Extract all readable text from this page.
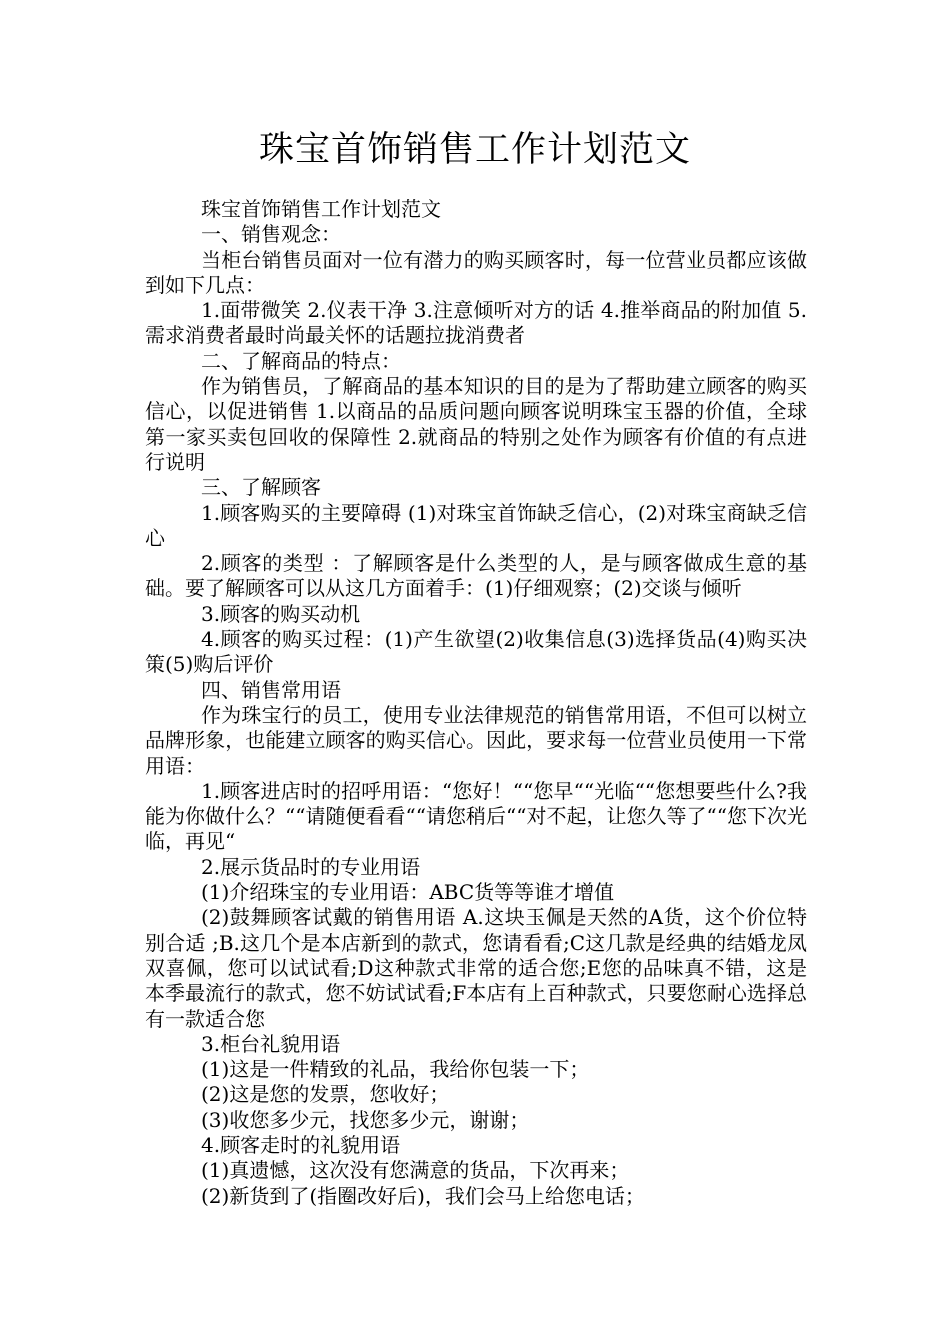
珠宝首饰销售工作计划范文

珠宝首饰销售工作计划范文

一、销售观念：

当柜台销售员面对一位有潜力的购买顾客时，每一位营业员都应该做到如下几点：

1.面带微笑 2.仪表干净 3.注意倾听对方的话 4.推举商品的附加值 5.需求消费者最时尚最关怀的话题拉拢消费者

二、了解商品的特点：

作为销售员，了解商品的基本知识的目的是为了帮助建立顾客的购买信心，以促进销售 1.以商品的品质问题向顾客说明珠宝玉器的价值，全球第一家买卖包回收的保障性 2.就商品的特别之处作为顾客有价值的有点进行说明

三、了解顾客

1.顾客购买的主要障碍 (1)对珠宝首饰缺乏信心，(2)对珠宝商缺乏信心

2.顾客的类型 ：了解顾客是什么类型的人，是与顾客做成生意的基础。要了解顾客可以从这几方面着手：(1)仔细观察；(2)交谈与倾听

3.顾客的购买动机

4.顾客的购买过程：(1)产生欲望(2)收集信息(3)选择货品(4)购买决策(5)购后评价

四、销售常用语

作为珠宝行的员工，使用专业法律规范的销售常用语，不但可以树立品牌形象，也能建立顾客的购买信心。因此，要求每一位营业员使用一下常用语：

1.顾客进店时的招呼用语：“您好！““您早““光临““您想要些什么?我能为你做什么？““请随便看看““请您稍后““对不起，让您久等了““您下次光临，再见“

2.展示货品时的专业用语

(1)介绍珠宝的专业用语：ABC货等等谁才增值

(2)鼓舞顾客试戴的销售用语 A.这块玉佩是天然的A货，这个价位特别合适 ;B.这几个是本店新到的款式，您请看看;C这几款是经典的结婚龙凤双喜佩，您可以试试看;D这种款式非常的适合您;E您的品味真不错，这是本季最流行的款式，您不妨试试看;F本店有上百种款式，只要您耐心选择总有一款适合您

3.柜台礼貌用语

(1)这是一件精致的礼品，我给你包装一下；

(2)这是您的发票，您收好；

(3)收您多少元，找您多少元，谢谢；

4.顾客走时的礼貌用语

(1)真遗憾，这次没有您满意的货品，下次再来；

(2)新货到了(指圈改好后)，我们会马上给您电话；
